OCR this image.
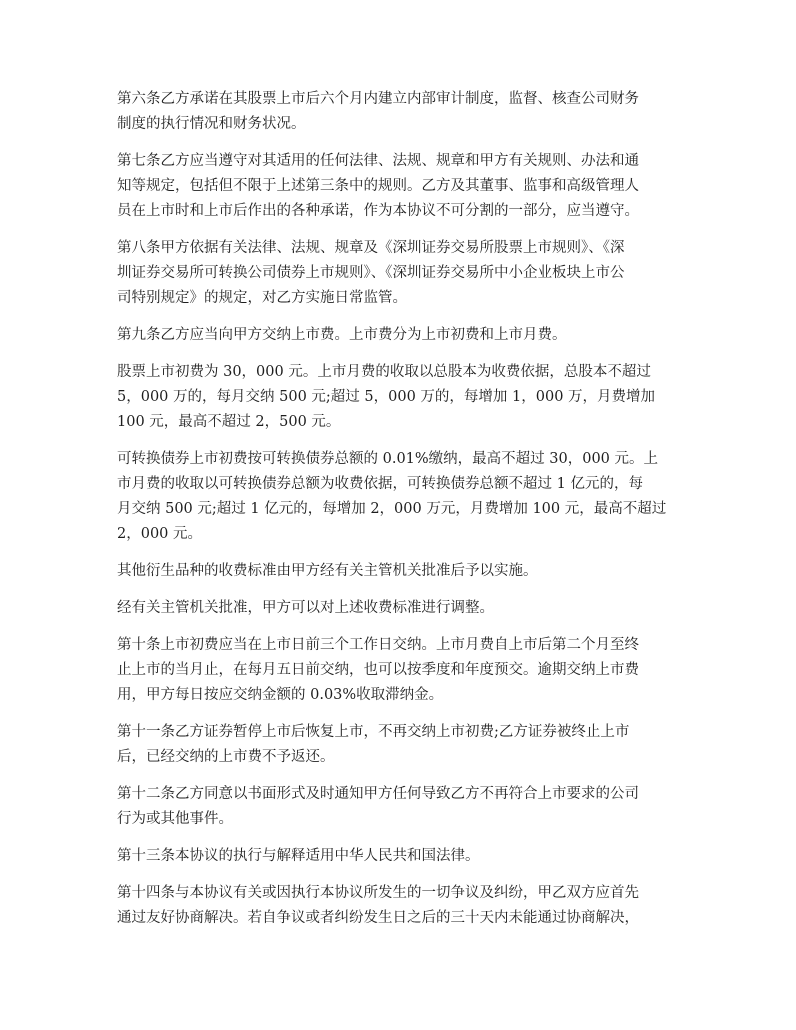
第六条乙方承诺在其股票上市后六个月内建立内部审计制度，监督、核查公司财务
制度的执行情况和财务状况。

第七条乙方应当遵守对其适用的任何法律、法规、规章和甲方有关规则、办法和通
知等规定，包括但不限于上述第三条中的规则。乙方及其董事、监事和高级管理人
员在上市时和上市后作出的各种承诺，作为本协议不可分割的一部分，应当遵守。

第八条甲方依据有关法律、法规、规章及《深圳证券交易所股票上市规则》、《深
圳证券交易所可转换公司债券上市规则》、《深圳证券交易所中小企业板块上市公
司特别规定》的规定，对乙方实施日常监管。

第九条乙方应当向甲方交纳上市费。上市费分为上市初费和上市月费。

股票上市初费为 30，000 元。上市月费的收取以总股本为收费依据，总股本不超过
5，000 万的，每月交纳 500 元;超过 5，000 万的，每增加 1，000 万，月费增加
100 元，最高不超过 2，500 元。

可转换债券上市初费按可转换债券总额的 0.01%缴纳，最高不超过 30，000 元。上
市月费的收取以可转换债券总额为收费依据，可转换债券总额不超过 1 亿元的，每
月交纳 500 元;超过 1 亿元的，每增加 2，000 万元，月费增加 100 元，最高不超过
2，000 元。

其他衍生品种的收费标准由甲方经有关主管机关批准后予以实施。

经有关主管机关批准，甲方可以对上述收费标准进行调整。

第十条上市初费应当在上市日前三个工作日交纳。上市月费自上市后第二个月至终
止上市的当月止，在每月五日前交纳，也可以按季度和年度预交。逾期交纳上市费
用，甲方每日按应交纳金额的 0.03%收取滞纳金。

第十一条乙方证券暂停上市后恢复上市，不再交纳上市初费;乙方证券被终止上市
后，已经交纳的上市费不予返还。

第十二条乙方同意以书面形式及时通知甲方任何导致乙方不再符合上市要求的公司
行为或其他事件。

第十三条本协议的执行与解释适用中华人民共和国法律。

第十四条与本协议有关或因执行本协议所发生的一切争议及纠纷，甲乙双方应首先
通过友好协商解决。若自争议或者纠纷发生日之后的三十天内未能通过协商解决，
